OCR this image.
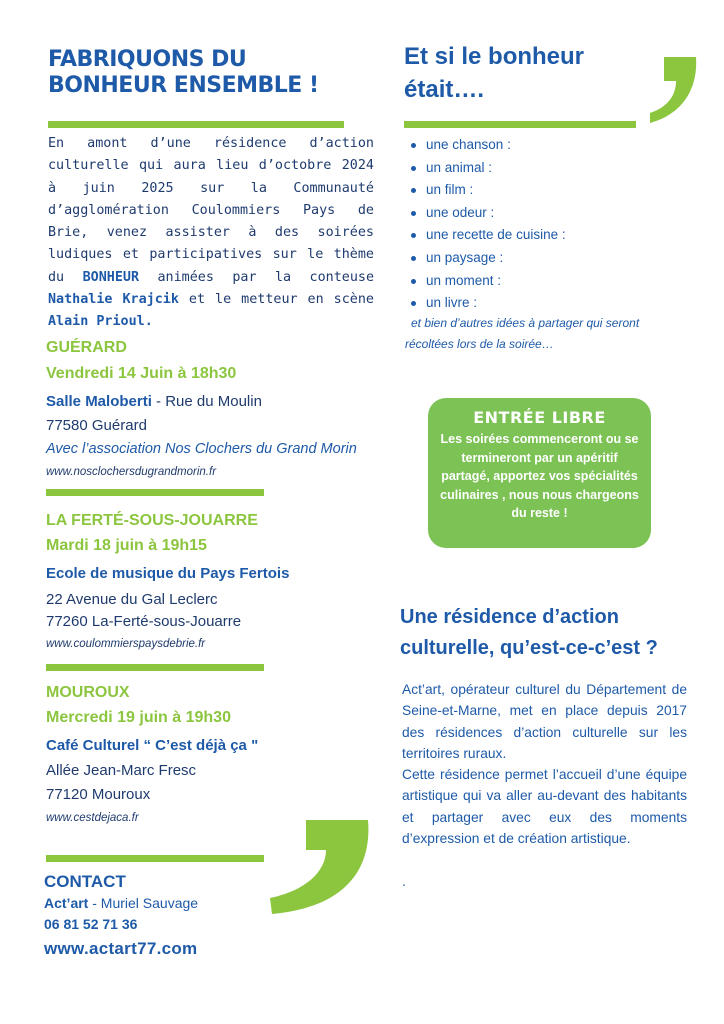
FABRIQUONS DU
BONHEUR ENSEMBLE !
En amont d’une résidence d’action culturelle qui aura lieu d’octobre 2024 à juin 2025 sur la Communauté d’agglomération Coulommiers Pays de Brie, venez assister à des soirées ludiques et participatives sur le thème du BONHEUR animées par la conteuse Nathalie Krajcik et le metteur en scène Alain Prioul.
GUÉRARD
Vendredi 14 Juin à 18h30
Salle Maloberti - Rue du Moulin
77580 Guérard
Avec l’association Nos Clochers du Grand Morin
www.nosclochersdugrandmorin.fr
LA FERTÉ-SOUS-JOUARRE
Mardi 18 juin à 19h15
Ecole de musique du Pays Fertois
22 Avenue du Gal Leclerc
77260 La-Ferté-sous-Jouarre
www.coulommierspaysdebrie.fr
MOUROUX
Mercredi 19 juin à 19h30
Café Culturel “ C’est déjà ça "
Allée Jean-Marc Fresc
77120 Mouroux
www.cestdejaca.fr
CONTACT
Act’art - Muriel Sauvage
06 81 52 71 36
www.actart77.com
Et si le bonheur
était….
une chanson :
un animal :
un film :
une odeur :
une recette de cuisine :
un paysage :
un moment :
un livre :
et bien d’autres idées à partager qui seront
récoltées lors de la soirée…
ENTRÉE LIBRE

Les soirées commenceront ou se termineront par un apéritif partagé, apportez vos spécialités culinaires , nous nous chargeons du reste !

Une résidence d’action
culturelle, qu’est-ce-c’est ?

Act’art, opérateur culturel du Département de Seine-et-Marne, met en place depuis 2017 des résidences d’action culturelle sur les territoires ruraux.

Cette résidence permet l’accueil d’une équipe artistique qui va aller au-devant des habitants et partager avec eux des moments d’expression et de création artistique.

.
